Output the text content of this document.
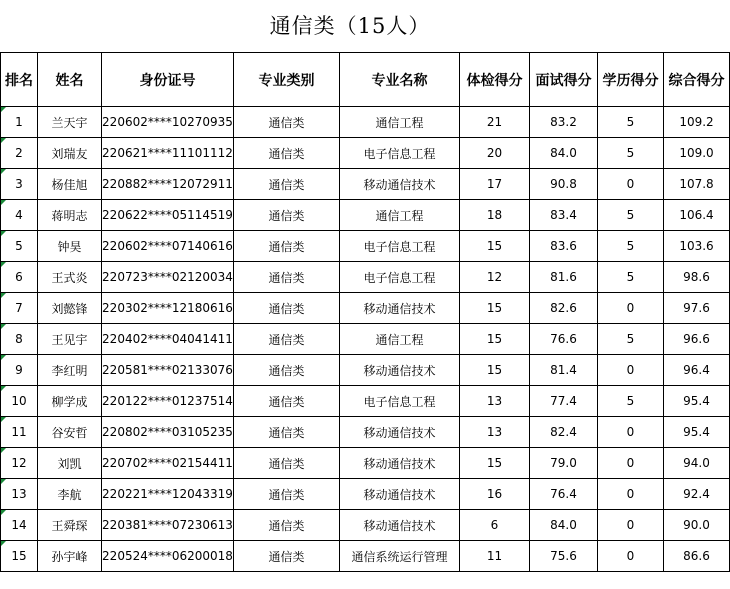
通信类（15人）
排名	姓名	身份证号	专业类别	专业名称	体检得分	面试得分	学历得分	综合得分
1	兰天宇	220602****10270935	通信类	通信工程	21	83.2	5	109.2
2	刘瑞友	220621****11101112	通信类	电子信息工程	20	84.0	5	109.0
3	杨佳旭	220882****12072911	通信类	移动通信技术	17	90.8	0	107.8
4	蒋明志	220622****05114519	通信类	通信工程	18	83.4	5	106.4
5	钟昊	220602****07140616	通信类	电子信息工程	15	83.6	5	103.6
6	王式炎	220723****02120034	通信类	电子信息工程	12	81.6	5	98.6
7	刘懿锋	220302****12180616	通信类	移动通信技术	15	82.6	0	97.6
8	王见宇	220402****04041411	通信类	通信工程	15	76.6	5	96.6
9	李红明	220581****02133076	通信类	移动通信技术	15	81.4	0	96.4
10	柳学成	220122****01237514	通信类	电子信息工程	13	77.4	5	95.4
11	谷安哲	220802****03105235	通信类	移动通信技术	13	82.4	0	95.4
12	刘凯	220702****02154411	通信类	移动通信技术	15	79.0	0	94.0
13	李航	220221****12043319	通信类	移动通信技术	16	76.4	0	92.4
14	王舜琛	220381****07230613	通信类	移动通信技术	6	84.0	0	90.0
15	孙宇峰	220524****06200018	通信类	通信系统运行管理	11	75.6	0	86.6
